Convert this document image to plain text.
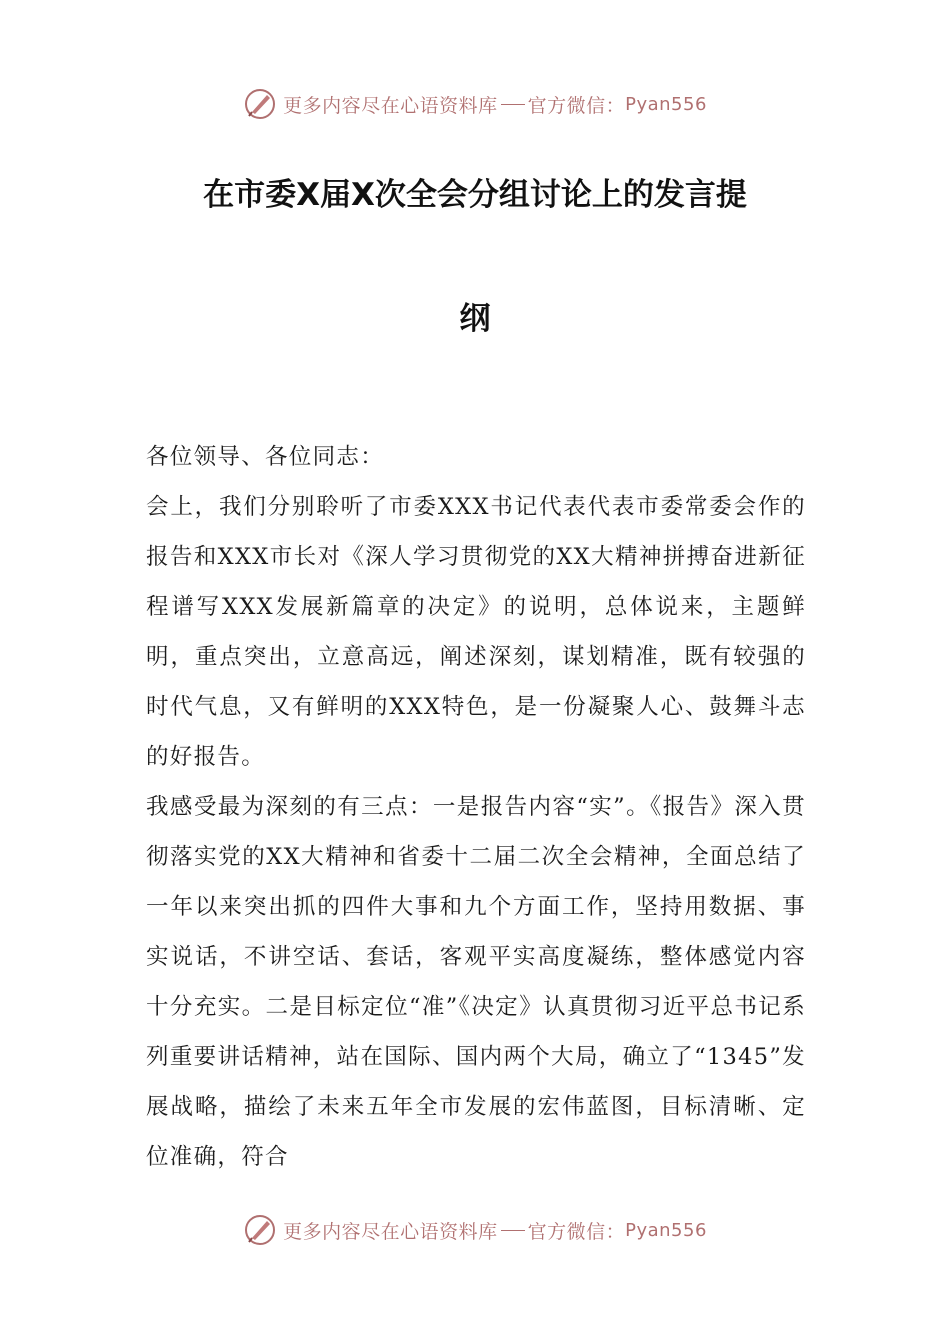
更多内容尽在心语资料库 官方微信： Pyan556
在市委X届X次全会分组讨论上的发言提
纲

各位领导、各位同志：

会上，我们分别聆听了市委XXX书记代表代表市委常委会作的报告和XXX市长对《深人学习贯彻党的XX大精神拼搏奋进新征程谱写XXX发展新篇章的决定》的说明，总体说来，主题鲜明，重点突出，立意高远，阐述深刻，谋划精准，既有较强的时代气息，又有鲜明的XXX特色，是一份凝聚人心、鼓舞斗志的好报告。

我感受最为深刻的有三点：一是报告内容“实”。《报告》深入贯彻落实党的XX大精神和省委十二届二次全会精神，全面总结了一年以来突出抓的四件大事和九个方面工作，坚持用数据、事实说话，不讲空话、套话，客观平实高度凝练，整体感觉内容十分充实。二是目标定位“准”《决定》认真贯彻习近平总书记系列重要讲话精神，站在国际、国内两个大局，确立了“1345”发展战略，描绘了未来五年全市发展的宏伟蓝图，目标清晰、定位准确，符合

更多内容尽在心语资料库 官方微信： Pyan556
